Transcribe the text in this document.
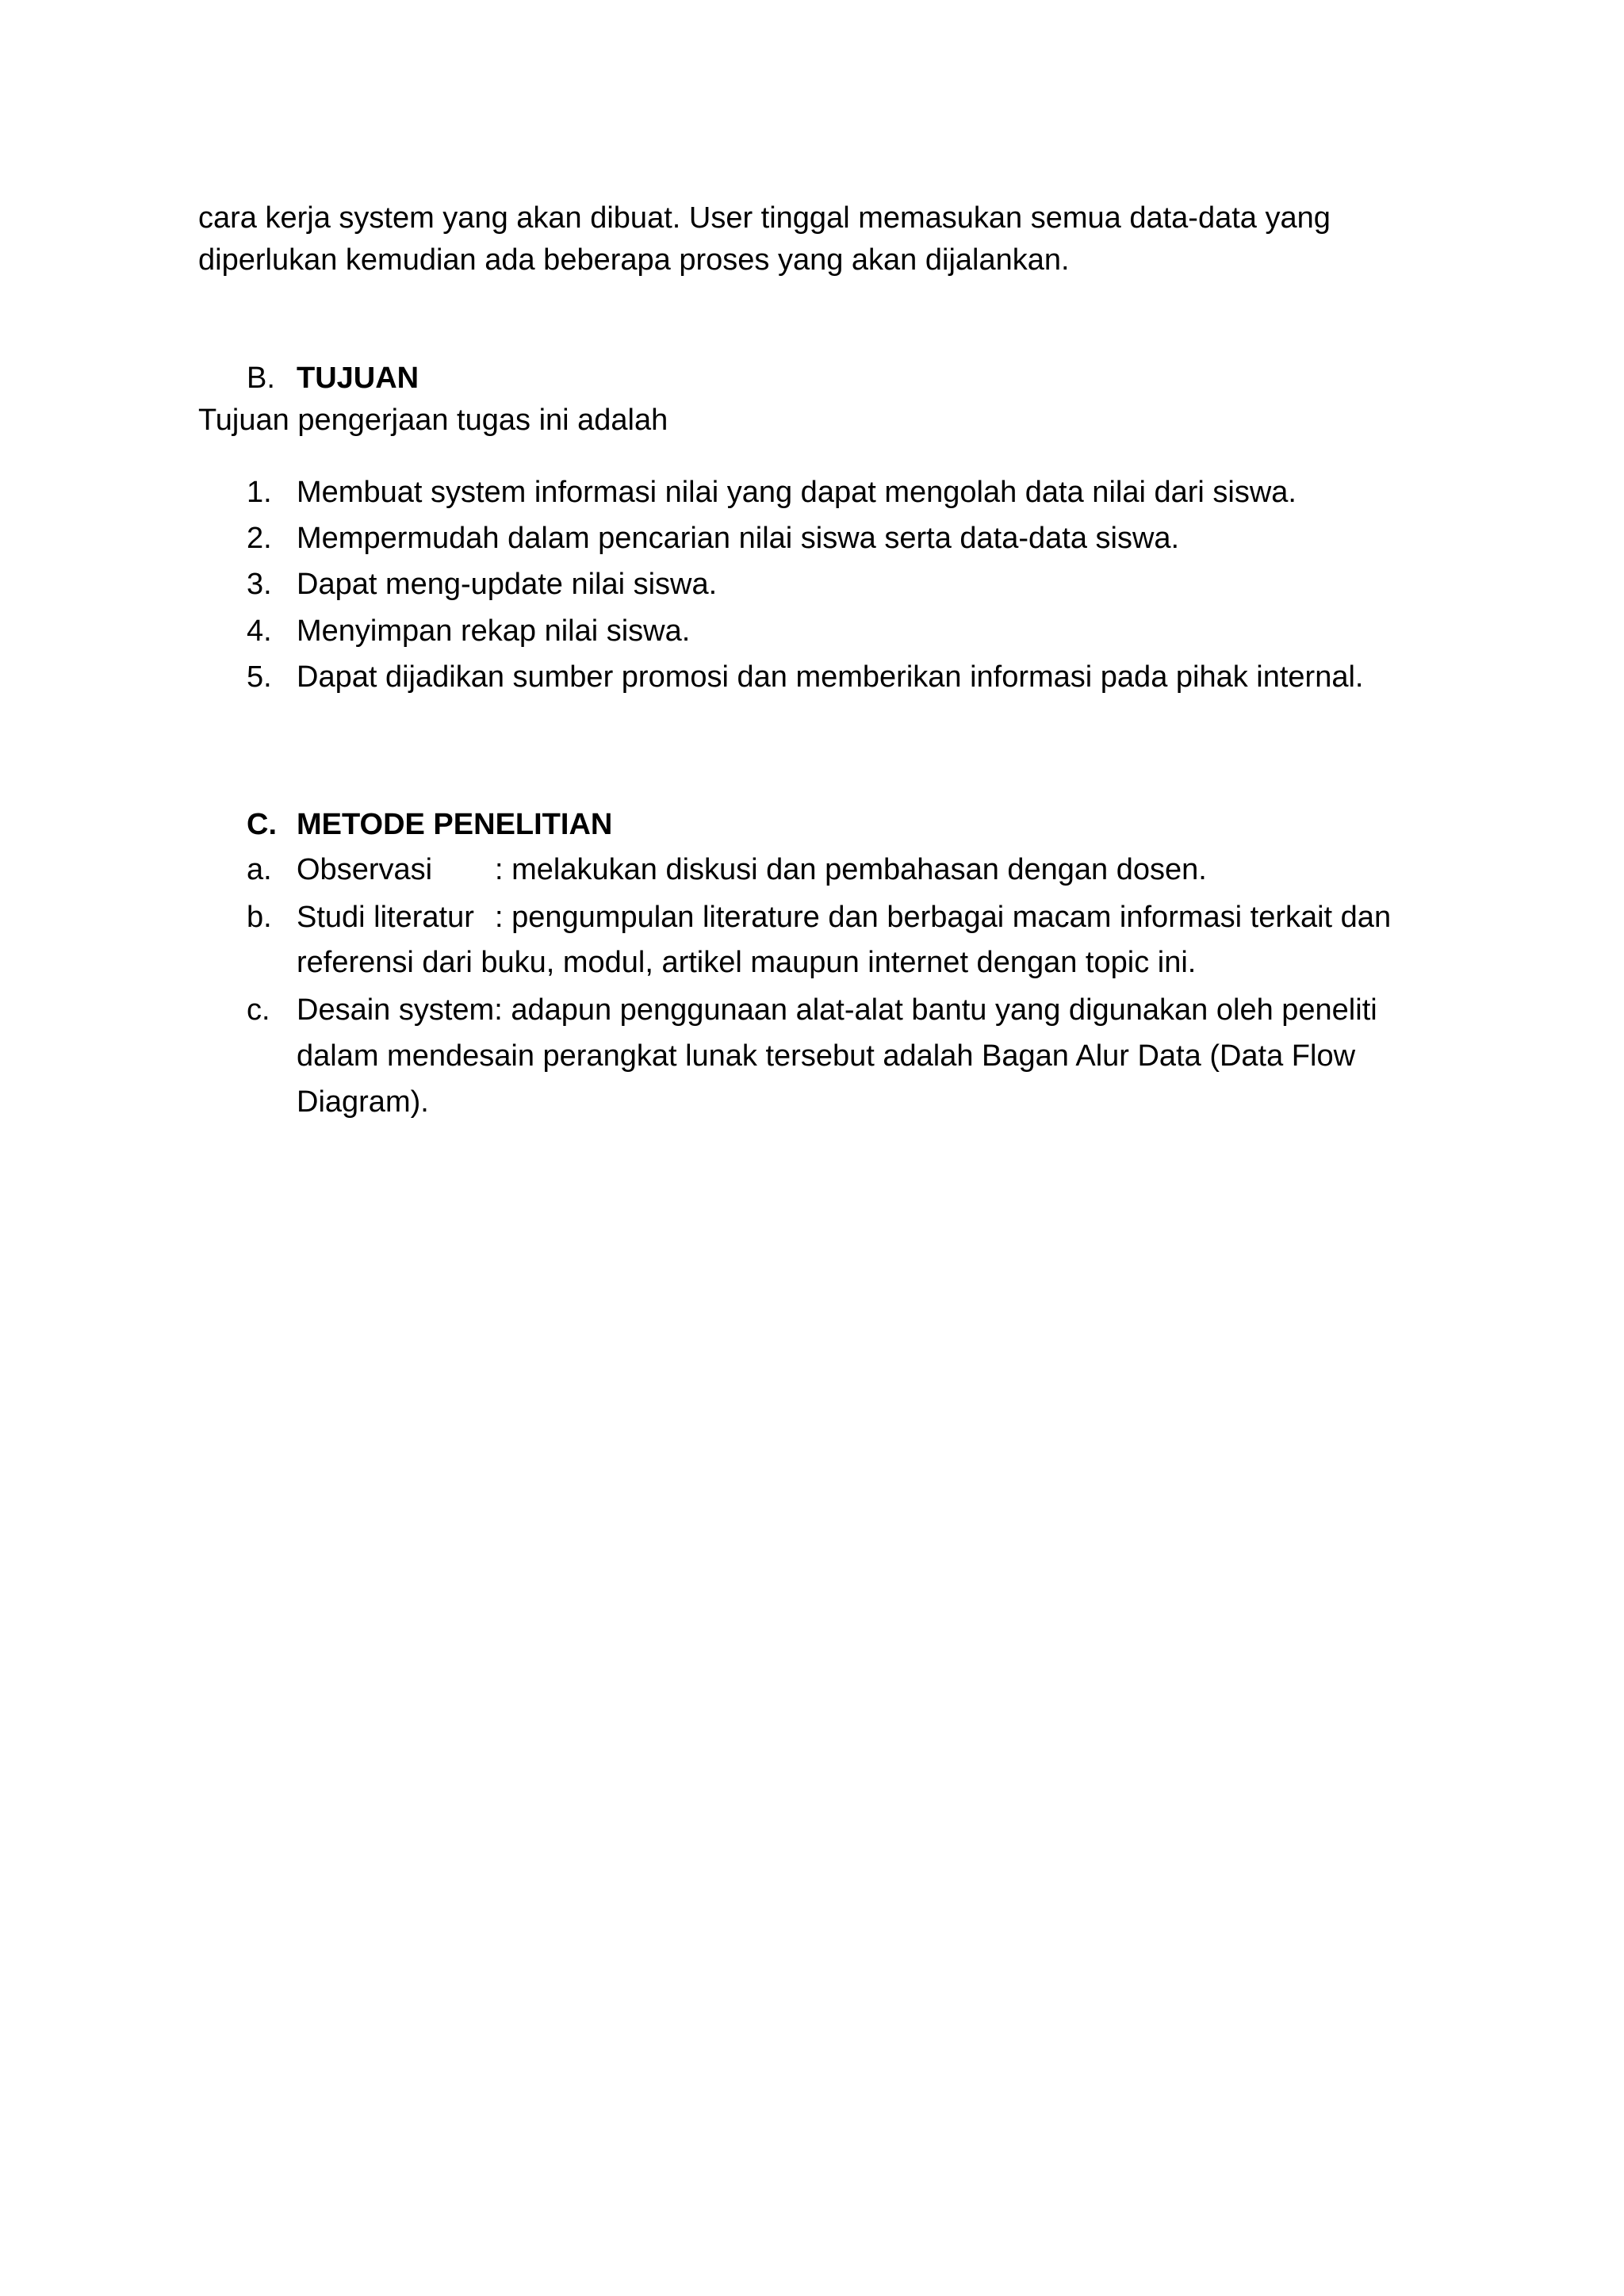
cara kerja system yang akan dibuat. User tinggal memasukan semua data-data yang
diperlukan kemudian ada beberapa proses yang akan dijalankan.
B. TUJUAN
Tujuan pengerjaan tugas ini adalah
1. Membuat system informasi nilai yang dapat mengolah data nilai dari siswa.
2. Mempermudah dalam pencarian nilai siswa serta data-data siswa.
3. Dapat meng-update nilai siswa.
4. Menyimpan rekap nilai siswa.
5. Dapat dijadikan sumber promosi dan memberikan informasi pada pihak internal.
C. METODE PENELITIAN
a. Observasi : melakukan diskusi dan pembahasan dengan dosen.
b. Studi literatur : pengumpulan literature dan berbagai macam informasi terkait dan
referensi dari buku, modul, artikel maupun internet dengan topic ini.
c. Desain system: adapun penggunaan alat-alat bantu yang digunakan oleh peneliti
dalam mendesain perangkat lunak tersebut adalah Bagan Alur Data (Data Flow
Diagram).
